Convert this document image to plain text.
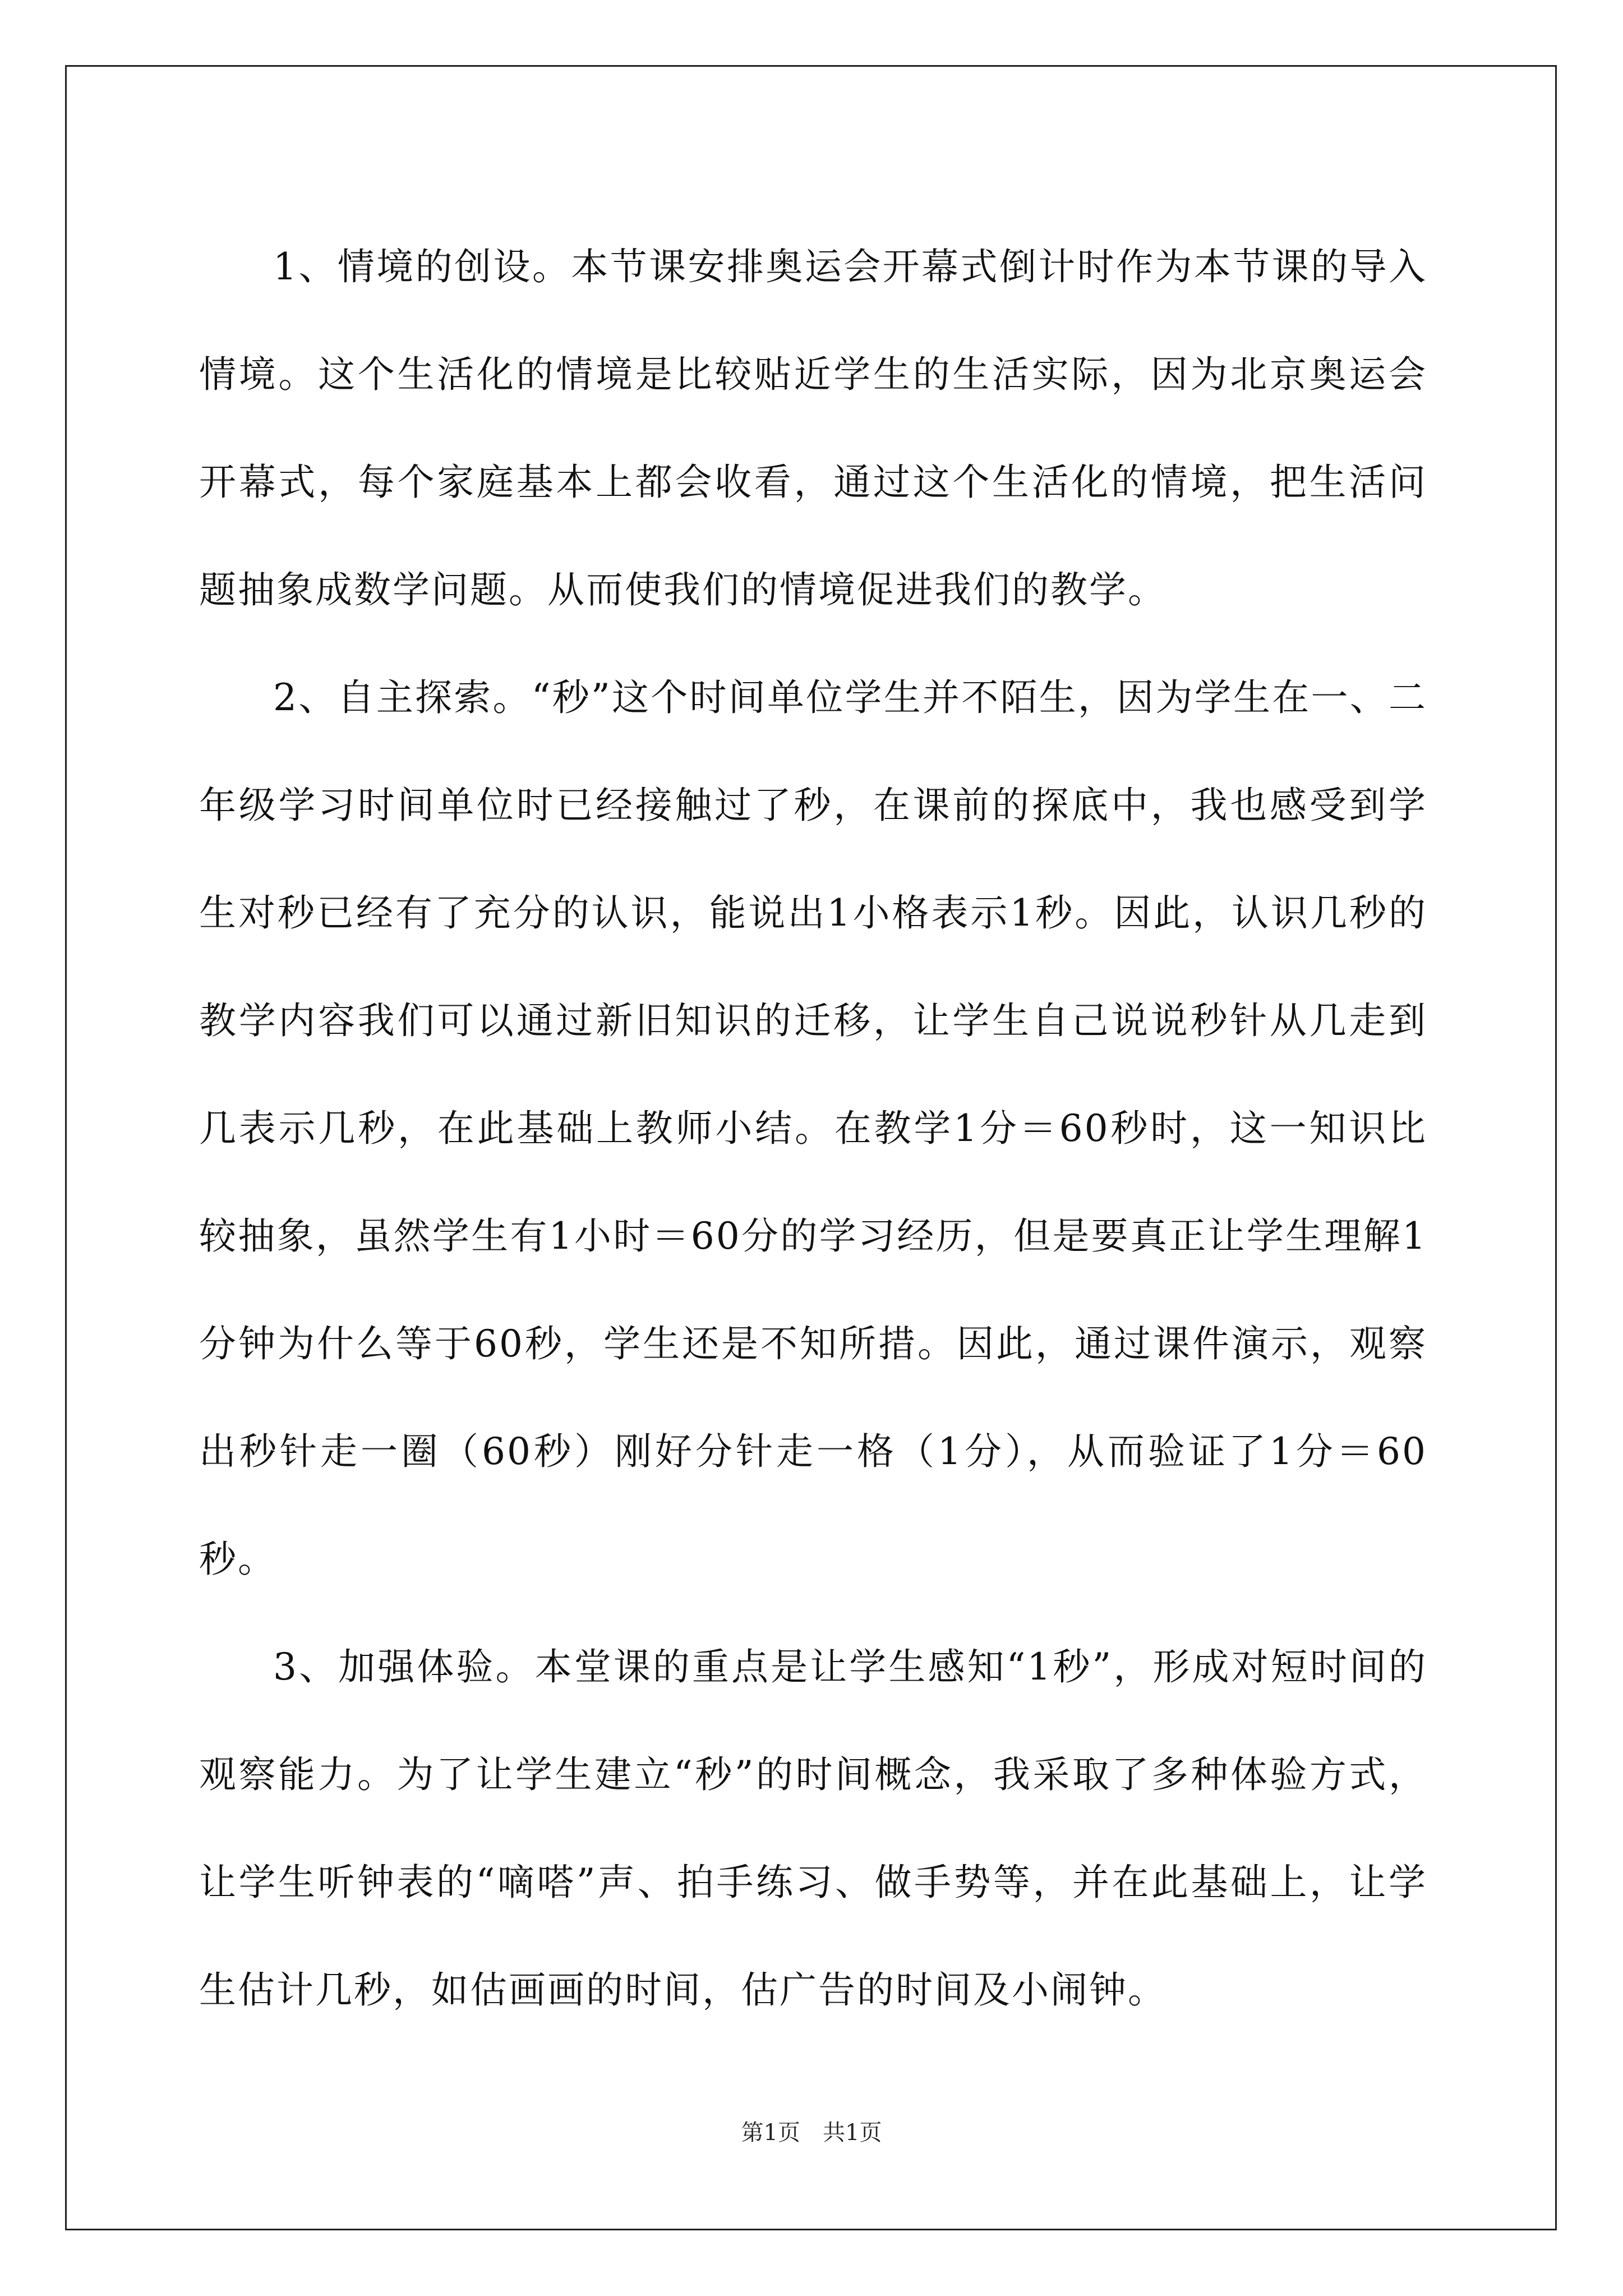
1、情境的创设。本节课安排奥运会开幕式倒计时作为本节课的导入情境。这个生活化的情境是比较贴近学生的生活实际，因为北京奥运会开幕式，每个家庭基本上都会收看，通过这个生活化的情境，把生活问题抽象成数学问题。从而使我们的情境促进我们的教学。

2、自主探索。“秒”这个时间单位学生并不陌生，因为学生在一、二年级学习时间单位时已经接触过了秒，在课前的探底中，我也感受到学生对秒已经有了充分的认识，能说出1小格表示1秒。因此，认识几秒的教学内容我们可以通过新旧知识的迁移，让学生自己说说秒针从几走到几表示几秒，在此基础上教师小结。在教学1分＝60秒时，这一知识比较抽象，虽然学生有1小时＝60分的学习经历，但是要真正让学生理解1分钟为什么等于60秒，学生还是不知所措。因此，通过课件演示，观察出秒针走一圈（60秒）刚好分针走一格（1分），从而验证了1分＝60秒。

3、加强体验。本堂课的重点是让学生感知“1秒”，形成对短时间的观察能力。为了让学生建立“秒”的时间概念，我采取了多种体验方式，让学生听钟表的“嘀嗒”声、拍手练习、做手势等，并在此基础上，让学生估计几秒，如估画画的时间，估广告的时间及小闹钟。

第1页　共1页
